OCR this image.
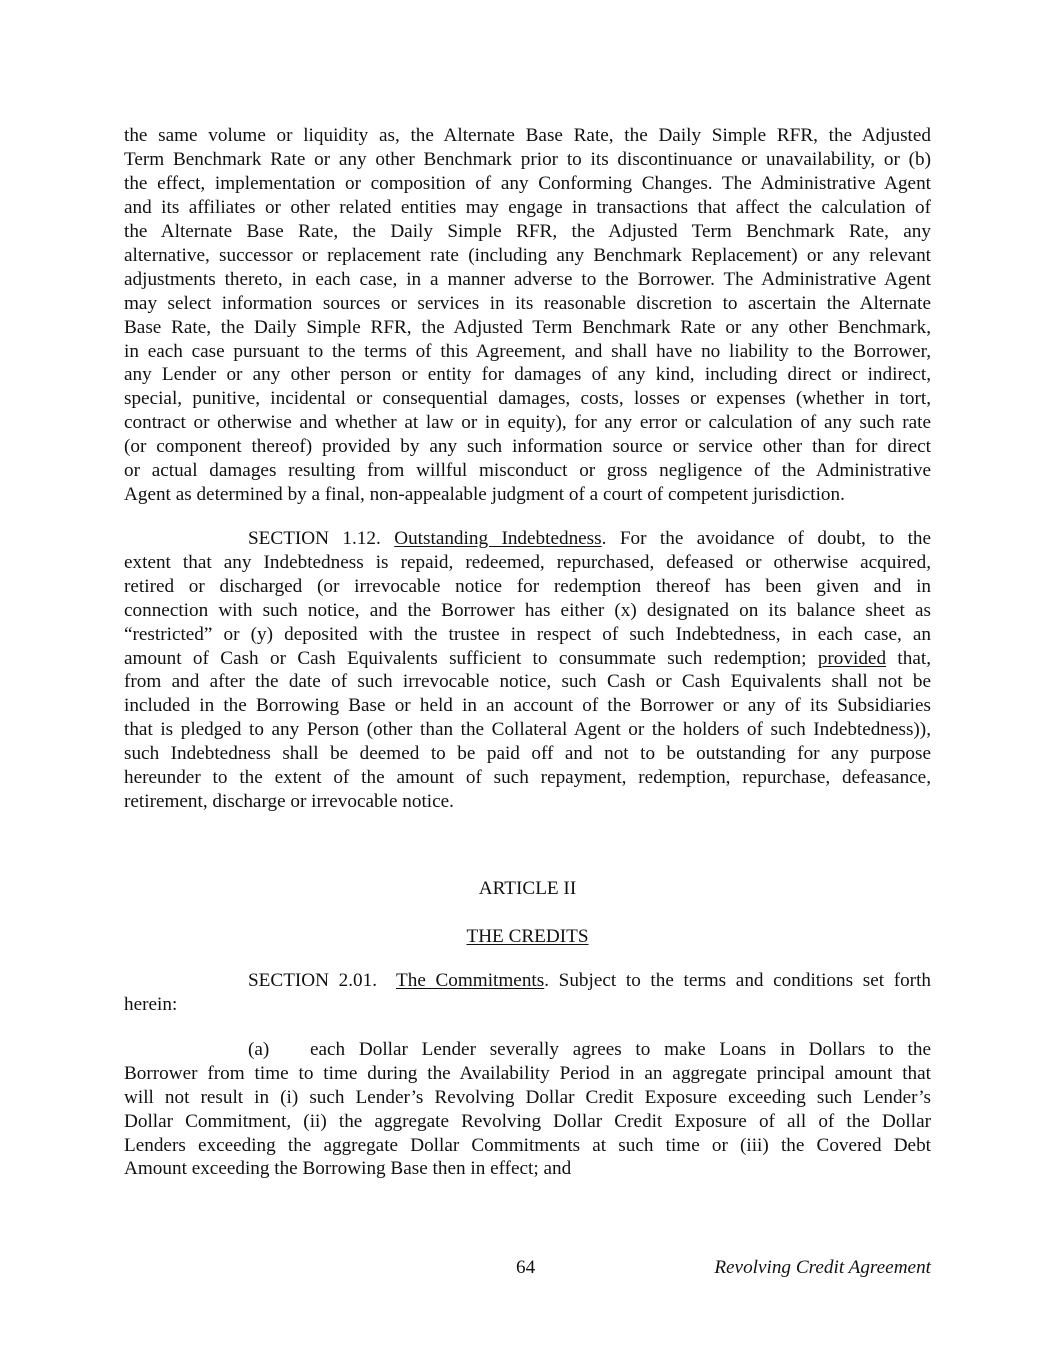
the same volume or liquidity as, the Alternate Base Rate, the Daily Simple RFR, the Adjusted
Term Benchmark Rate or any other Benchmark prior to its discontinuance or unavailability, or (b)
the effect, implementation or composition of any Conforming Changes. The Administrative Agent
and its affiliates or other related entities may engage in transactions that affect the calculation of
the Alternate Base Rate, the Daily Simple RFR, the Adjusted Term Benchmark Rate, any
alternative, successor or replacement rate (including any Benchmark Replacement) or any relevant
adjustments thereto, in each case, in a manner adverse to the Borrower. The Administrative Agent
may select information sources or services in its reasonable discretion to ascertain the Alternate
Base Rate, the Daily Simple RFR, the Adjusted Term Benchmark Rate or any other Benchmark,
in each case pursuant to the terms of this Agreement, and shall have no liability to the Borrower,
any Lender or any other person or entity for damages of any kind, including direct or indirect,
special, punitive, incidental or consequential damages, costs, losses or expenses (whether in tort,
contract or otherwise and whether at law or in equity), for any error or calculation of any such rate
(or component thereof) provided by any such information source or service other than for direct
or actual damages resulting from willful misconduct or gross negligence of the Administrative
Agent as determined by a final, non-appealable judgment of a court of competent jurisdiction.
SECTION 1.12. Outstanding Indebtedness. For the avoidance of doubt, to the
extent that any Indebtedness is repaid, redeemed, repurchased, defeased or otherwise acquired,
retired or discharged (or irrevocable notice for redemption thereof has been given and in
connection with such notice, and the Borrower has either (x) designated on its balance sheet as
“restricted” or (y) deposited with the trustee in respect of such Indebtedness, in each case, an
amount of Cash or Cash Equivalents sufficient to consummate such redemption; provided that,
from and after the date of such irrevocable notice, such Cash or Cash Equivalents shall not be
included in the Borrowing Base or held in an account of the Borrower or any of its Subsidiaries
that is pledged to any Person (other than the Collateral Agent or the holders of such Indebtedness)),
such Indebtedness shall be deemed to be paid off and not to be outstanding for any purpose
hereunder to the extent of the amount of such repayment, redemption, repurchase, defeasance,
retirement, discharge or irrevocable notice.
ARTICLE II
THE CREDITS
SECTION 2.01. The Commitments. Subject to the terms and conditions set forth
herein:
(a) each Dollar Lender severally agrees to make Loans in Dollars to the
Borrower from time to time during the Availability Period in an aggregate principal amount that
will not result in (i) such Lender’s Revolving Dollar Credit Exposure exceeding such Lender’s
Dollar Commitment, (ii) the aggregate Revolving Dollar Credit Exposure of all of the Dollar
Lenders exceeding the aggregate Dollar Commitments at such time or (iii) the Covered Debt
Amount exceeding the Borrowing Base then in effect; and
64	Revolving Credit Agreement
